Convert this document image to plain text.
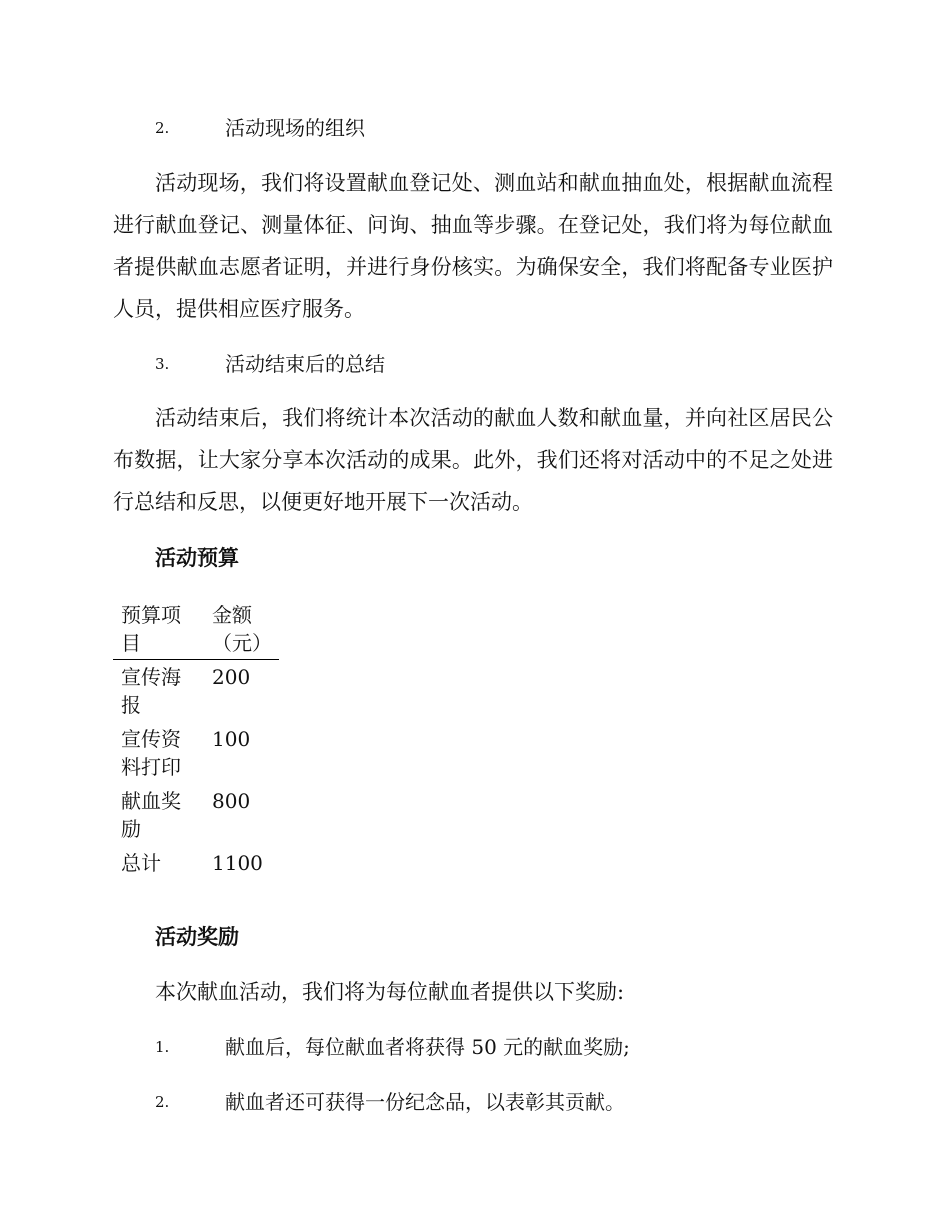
2.	活动现场的组织

活动现场，我们将设置献血登记处、测血站和献血抽血处，根据献血流程进行献血登记、测量体征、问询、抽血等步骤。在登记处，我们将为每位献血者提供献血志愿者证明，并进行身份核实。为确保安全，我们将配备专业医护人员，提供相应医疗服务。

3.	活动结束后的总结

活动结束后，我们将统计本次活动的献血人数和献血量，并向社区居民公布数据，让大家分享本次活动的成果。此外，我们还将对活动中的不足之处进行总结和反思，以便更好地开展下一次活动。

活动预算
预算项目	金额（元）
宣传海报	200
宣传资料打印	100
献血奖励	800
总计	1100
活动奖励
本次献血活动，我们将为每位献血者提供以下奖励:
1.	献血后，每位献血者将获得 50 元的献血奖励;
2.	献血者还可获得一份纪念品，以表彰其贡献。
